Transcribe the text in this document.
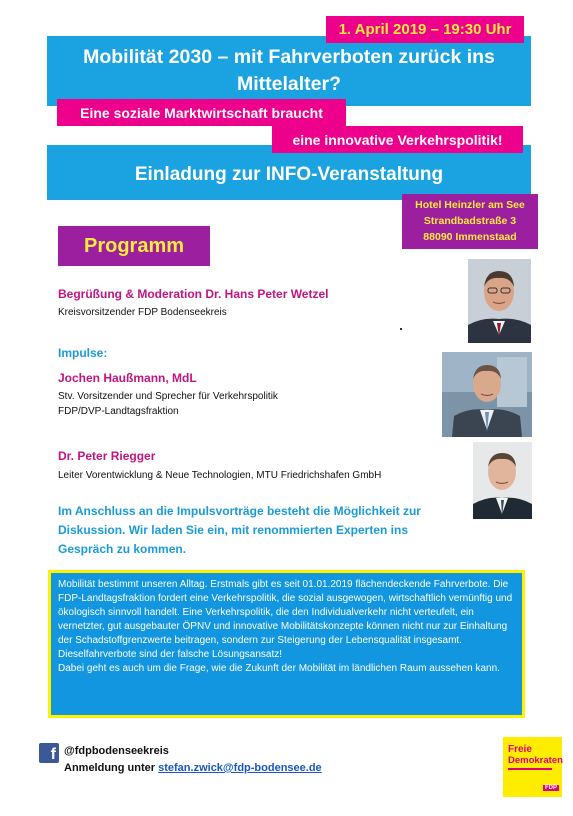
Mobilität 2030 – mit Fahrverboten zurück ins
Mittelalter?
1. April 2019 – 19:30 Uhr
Eine soziale Marktwirtschaft braucht
Einladung zur INFO-Veranstaltung
eine innovative Verkehrspolitik!
Hotel Heinzler am See
Strandbadstraße 3
88090 Immenstaad
Programm
Begrüßung & Moderation Dr. Hans Peter Wetzel
Kreisvorsitzender FDP Bodenseekreis
Impulse:
Jochen Haußmann, MdL
Stv. Vorsitzender und Sprecher für Verkehrspolitik
FDP/DVP-Landtagsfraktion
Dr. Peter Riegger
Leiter Vorentwicklung & Neue Technologien, MTU Friedrichshafen GmbH
Im Anschluss an die Impulsvorträge besteht die Möglichkeit zur
Diskussion. Wir laden Sie ein, mit renommierten Experten ins
Gespräch zu kommen.

Mobilität bestimmt unseren Alltag. Erstmals gibt es seit 01.01.2019 flächendeckende Fahrverbote. Die FDP-Landtagsfraktion fordert eine Verkehrspolitik, die sozial ausgewogen, wirtschaftlich vernünftig und ökologisch sinnvoll handelt. Eine Verkehrspolitik, die den Individualverkehr nicht verteufelt, ein vernetzter, gut ausgebauter ÖPNV und innovative Mobilitätskonzepte können nicht nur zur Einhaltung der Schadstoffgrenzwerte beitragen, sondern zur Steigerung der Lebensqualität insgesamt. Dieselfahrverbote sind der falsche Lösungsansatz!

Dabei geht es auch um die Frage, wie die Zukunft der Mobilität im ländlichen Raum aussehen kann.

f @fdpbodenseekreis
Anmeldung unter stefan.zwick@fdp-bodensee.de
Freie
Demokraten
FDP
